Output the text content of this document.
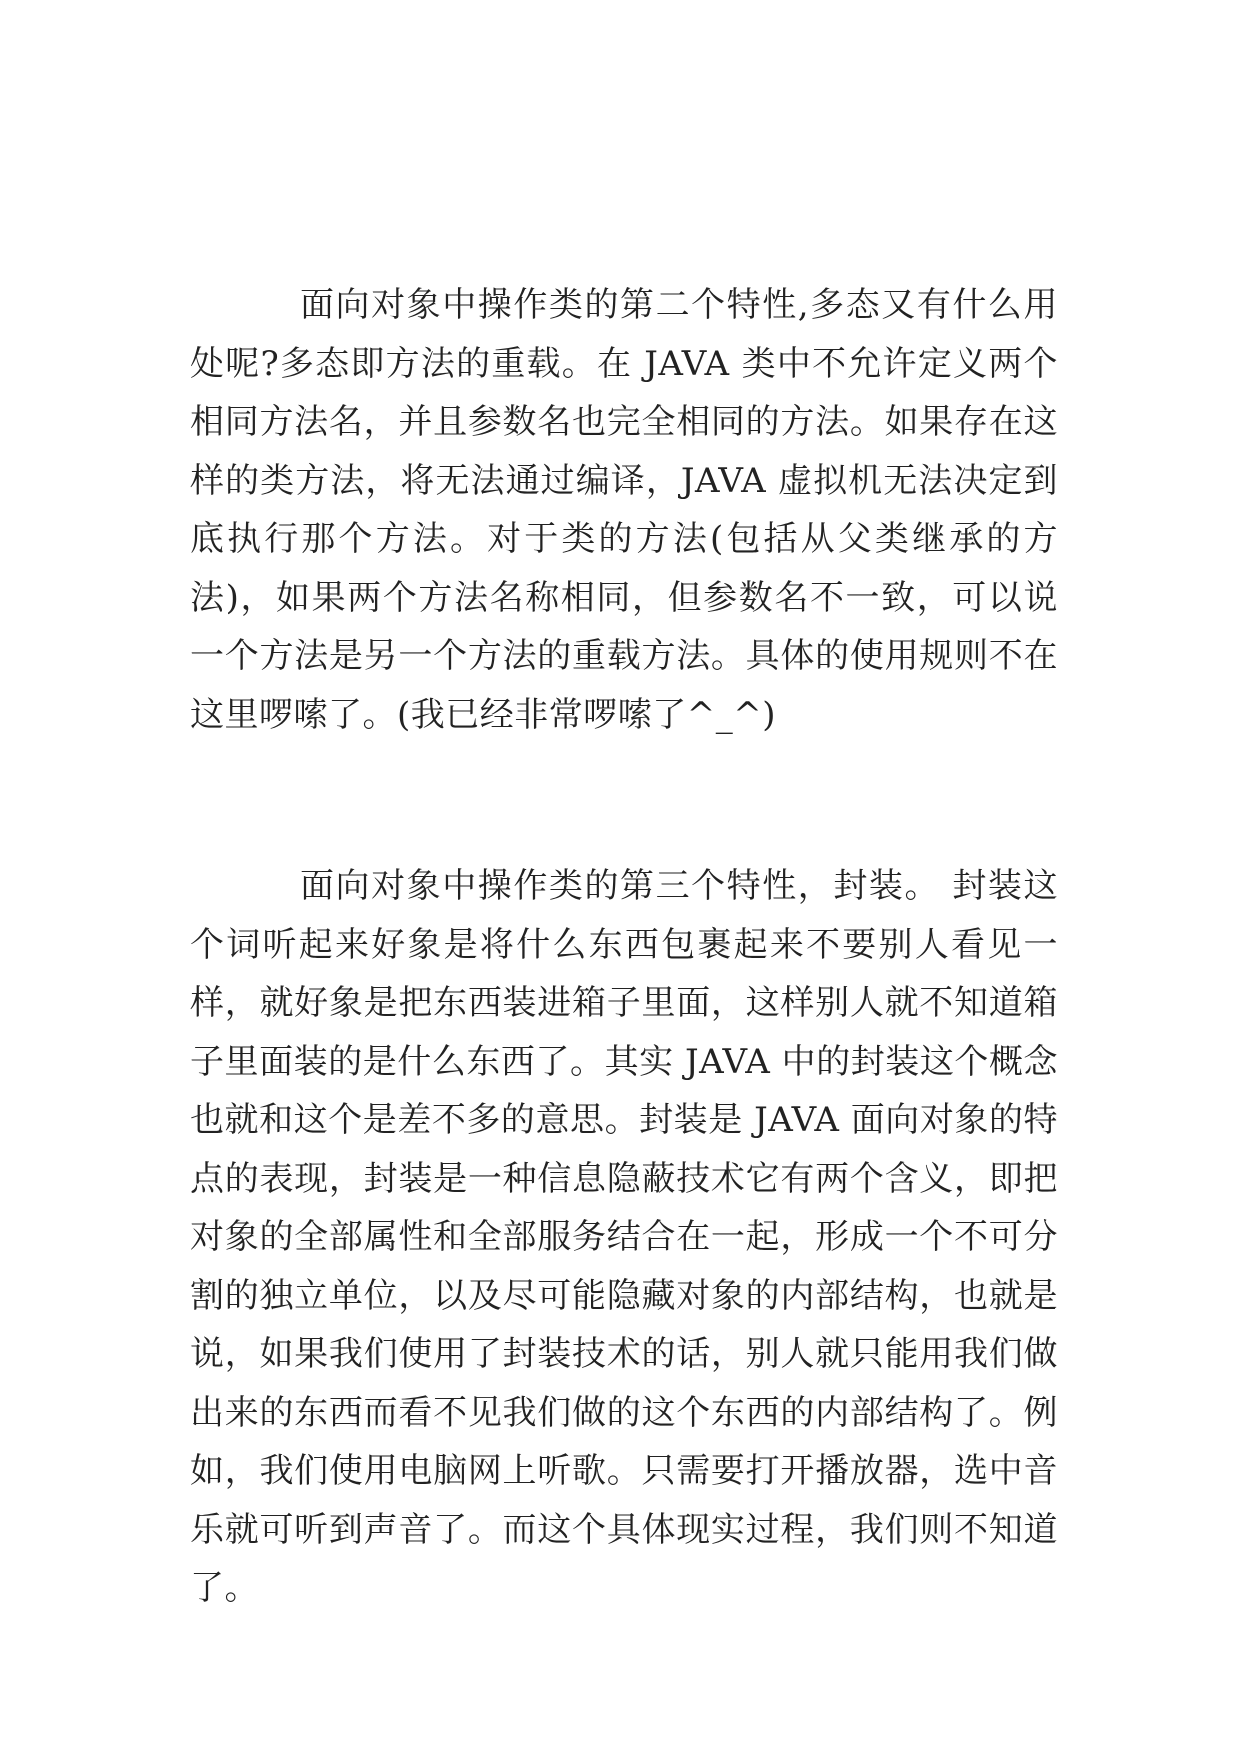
面向对象中操作类的第二个特性,多态又有什么用处呢?多态即方法的重载。在 JAVA 类中不允许定义两个相同方法名，并且参数名也完全相同的方法。如果存在这样的类方法，将无法通过编译，JAVA 虚拟机无法决定到底执行那个方法。对于类的方法(包括从父类继承的方法)，如果两个方法名称相同，但参数名不一致，可以说一个方法是另一个方法的重载方法。具体的使用规则不在这里啰嗦了。(我已经非常啰嗦了^_^)

面向对象中操作类的第三个特性，封装。 封装这个词听起来好象是将什么东西包裹起来不要别人看见一样，就好象是把东西装进箱子里面，这样别人就不知道箱子里面装的是什么东西了。其实 JAVA 中的封装这个概念也就和这个是差不多的意思。封装是 JAVA 面向对象的特点的表现，封装是一种信息隐蔽技术它有两个含义，即把对象的全部属性和全部服务结合在一起，形成一个不可分割的独立单位，以及尽可能隐藏对象的内部结构，也就是说，如果我们使用了封装技术的话，别人就只能用我们做出来的东西而看不见我们做的这个东西的内部结构了。例如，我们使用电脑网上听歌。只需要打开播放器，选中音乐就可听到声音了。而这个具体现实过程，我们则不知道了。
